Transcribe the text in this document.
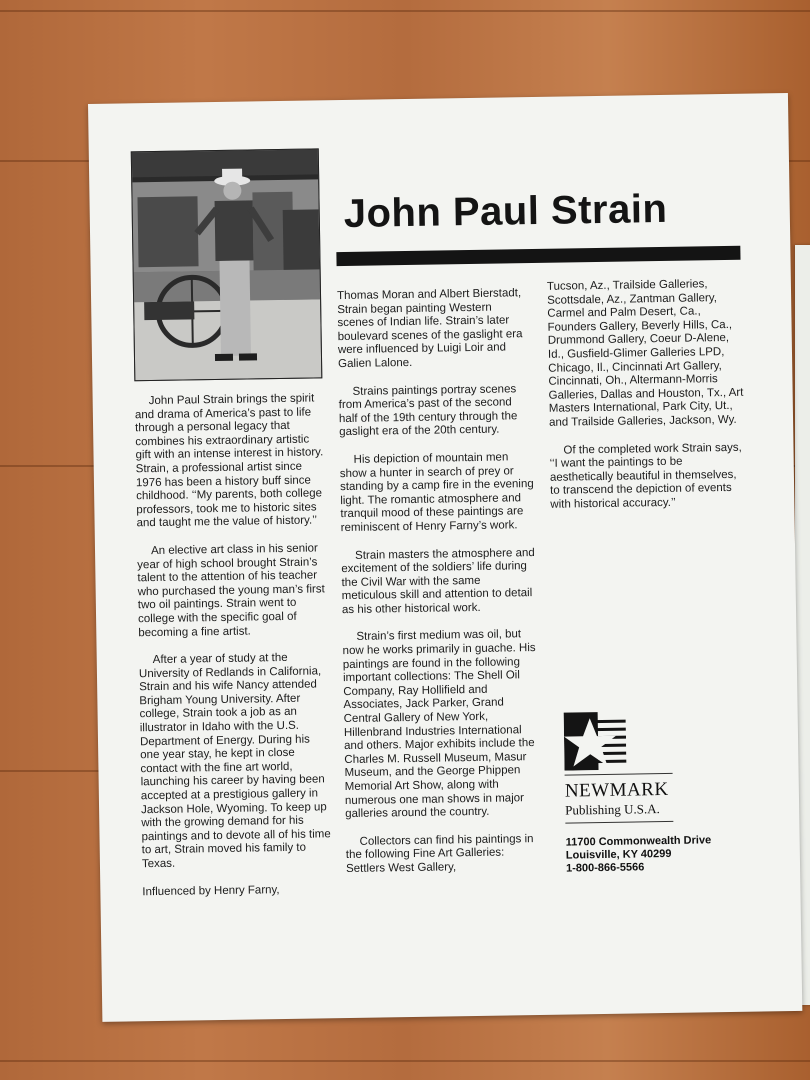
John Paul Strain

John Paul Strain brings the spirit and drama of America’s past to life through a personal legacy that combines his extraordinary artistic gift with an intense interest in history. Strain, a professional artist since 1976 has been a history buff since childhood. ‘‘My parents, both college professors, took me to historic sites and taught me the value of history.’’

An elective art class in his senior year of high school brought Strain’s talent to the attention of his teacher who purchased the young man’s first two oil paintings. Strain went to college with the specific goal of becoming a fine artist.

After a year of study at the University of Redlands in California, Strain and his wife Nancy attended Brigham Young University. After college, Strain took a job as an illustrator in Idaho with the U.S. Department of Energy. During his one year stay, he kept in close contact with the fine art world, launching his career by having been accepted at a prestigious gallery in Jackson Hole, Wyoming. To keep up with the growing demand for his paintings and to devote all of his time to art, Strain moved his family to Texas.

Influenced by Henry Farny,

Thomas Moran and Albert Bierstadt, Strain began painting Western scenes of Indian life. Strain’s later boulevard scenes of the gaslight era were influenced by Luigi Loir and Galien Lalone.

Strains paintings portray scenes from America’s past of the second half of the 19th century through the gaslight era of the 20th century.

His depiction of mountain men show a hunter in search of prey or standing by a camp fire in the evening light. The romantic atmosphere and tranquil mood of these paintings are reminiscent of Henry Farny’s work.

Strain masters the atmosphere and excitement of the soldiers’ life during the Civil War with the same meticulous skill and attention to detail as his other historical work.

Strain’s first medium was oil, but now he works primarily in guache. His paintings are found in the following important collections: The Shell Oil Company, Ray Hollifield and Associates, Jack Parker, Grand Central Gallery of New York, Hillenbrand Industries International and others. Major exhibits include the Charles M. Russell Museum, Masur Museum, and the George Phippen Memorial Art Show, along with numerous one man shows in major galleries around the country.

Collectors can find his paintings in the following Fine Art Galleries: Settlers West Gallery,

Tucson, Az., Trailside Galleries, Scottsdale, Az., Zantman Gallery, Carmel and Palm Desert, Ca., Founders Gallery, Beverly Hills, Ca., Drummond Gallery, Coeur D-Alene, Id., Gusfield-Glimer Galleries LPD, Chicago, Il., Cincinnati Art Gallery, Cincinnati, Oh., Altermann-Morris Galleries, Dallas and Houston, Tx., Art Masters International, Park City, Ut., and Trailside Galleries, Jackson, Wy.

Of the completed work Strain says, ‘‘I want the paintings to be aesthetically beautiful in themselves, to transcend the depiction of events with historical accuracy.’’

NEWMARK
Publishing U.S.A.
11700 Commonwealth Drive
Louisville, KY 40299
1-800-866-5566
